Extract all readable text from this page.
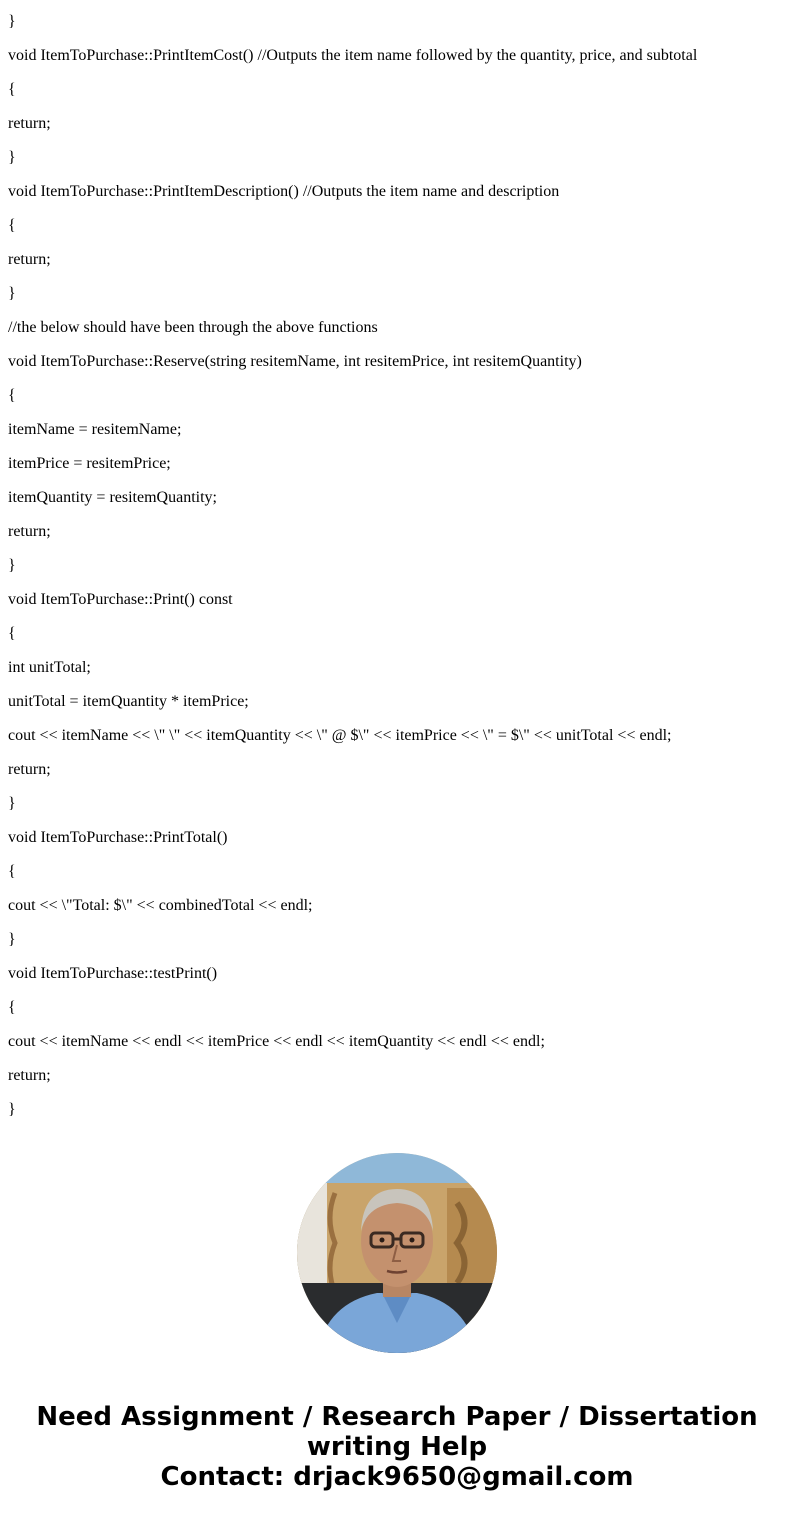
}
void ItemToPurchase::PrintItemCost() //Outputs the item name followed by the quantity, price, and subtotal
{
return;
}
void ItemToPurchase::PrintItemDescription() //Outputs the item name and description
{
return;
}
//the below should have been through the above functions
void ItemToPurchase::Reserve(string resitemName, int resitemPrice, int resitemQuantity)
{
itemName = resitemName;
itemPrice = resitemPrice;
itemQuantity = resitemQuantity;
return;
}
void ItemToPurchase::Print() const
{
int unitTotal;
unitTotal = itemQuantity * itemPrice;
cout << itemName << \" \" << itemQuantity << \" @ $\" << itemPrice << \" = $\" << unitTotal << endl;
return;
}
void ItemToPurchase::PrintTotal()
{
cout << \"Total: $\" << combinedTotal << endl;
}
void ItemToPurchase::testPrint()
{
cout << itemName << endl << itemPrice << endl << itemQuantity << endl << endl;
return;
}
Need Assignment / Research Paper / Dissertation
writing Help
Contact: drjack9650@gmail.com
